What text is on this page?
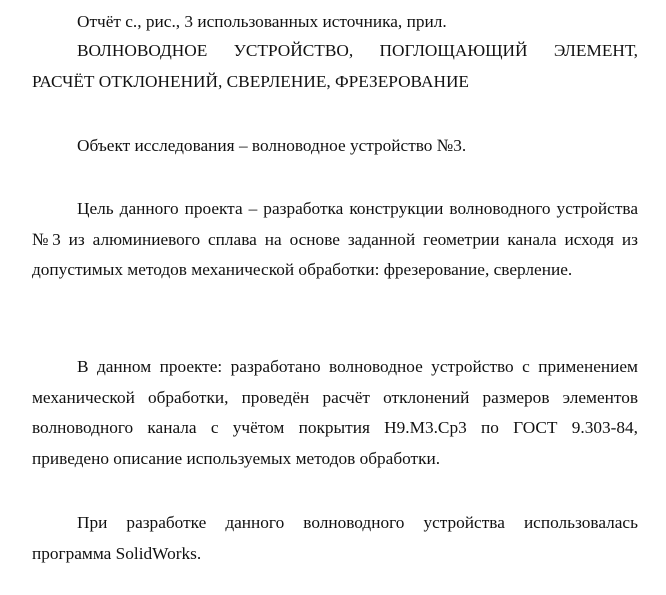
Отчёт с., рис., 3 использованных источника, прил.

ВОЛНОВОДНОЕ УСТРОЙСТВО, ПОГЛОЩАЮЩИЙ ЭЛЕМЕНТ, РАСЧЁТ ОТКЛОНЕНИЙ, СВЕРЛЕНИЕ, ФРЕЗЕРОВАНИЕ

Объект исследования – волноводное устройство №3.

Цель данного проекта – разработка конструкции волноводного устройства №3 из алюминиевого сплава на основе заданной геометрии канала исходя из допустимых методов механической обработки: фрезерование, сверление.

В данном проекте: разработано волноводное устройство с применением механической обработки, проведён расчёт отклонений размеров элементов волноводного канала с учётом покрытия Н9.М3.Ср3 по ГОСТ 9.303-84, приведено описание используемых методов обработки.

При разработке данного волноводного устройства использовалась программа SolidWorks.
